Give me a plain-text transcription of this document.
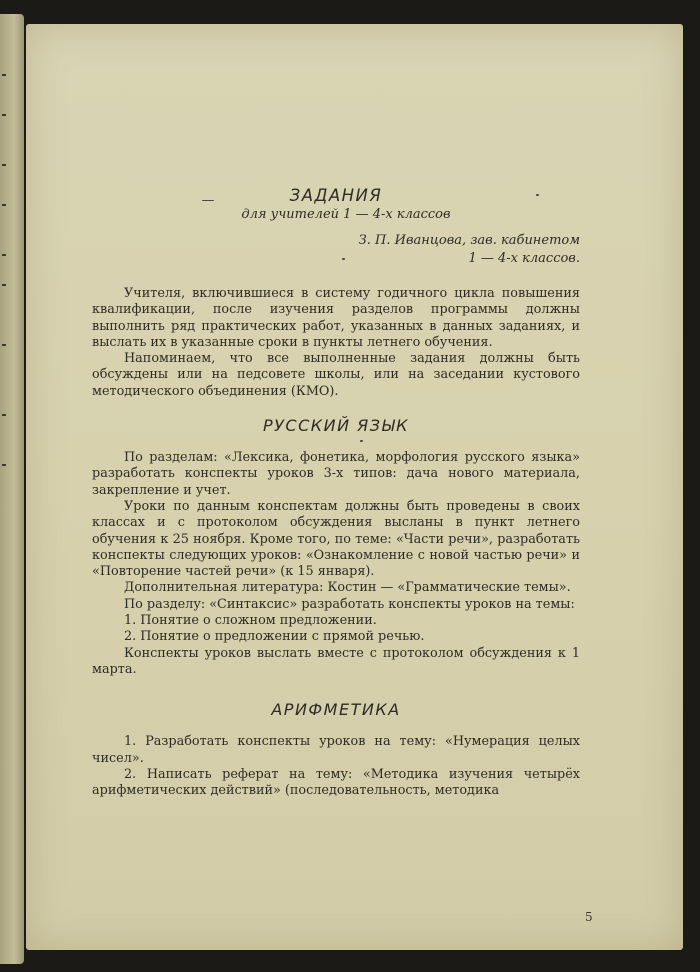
5
ЗАДАНИЯ
для учителей 1 — 4-х классов
З. П. Иванцова, зав. кабинетом
1 — 4-х классов.

Учителя, включившиеся в систему годичного цикла повышения квалификации, после изучения разделов программы должны выполнить ряд практических работ, указанных в данных заданиях, и выслать их в указанные сроки в пункты летнего обучения.

Напоминаем, что все выполненные задания должны быть обсуждены или на педсовете школы, или на заседании кустового методического объединения (КМО).

РУССКИЙ ЯЗЫК

По разделам: «Лексика, фонетика, морфология русского языка» разработать конспекты уроков 3-х типов: дача нового материала, закрепление и учет.

Уроки по данным конспектам должны быть проведены в своих классах и с протоколом обсуждения высланы в пункт летнего обучения к 25 ноября. Кроме того, по теме: «Части речи», разработать конспекты следующих уроков: «Ознакомление с новой частью речи» и «Повторение частей речи» (к 15 января).

Дополнительная литература: Костин — «Грамматические темы».

По разделу: «Синтаксис» разработать конспекты уроков на темы:

1. Понятие о сложном предложении.

2. Понятие о предложении с прямой речью.

Конспекты уроков выслать вместе с протоколом обсуждения к 1 марта.

АРИФМЕТИКА

1. Разработать конспекты уроков на тему: «Нумерация целых чисел».

2. Написать реферат на тему: «Методика изучения четырёх арифметических действий» (последовательность, методика
